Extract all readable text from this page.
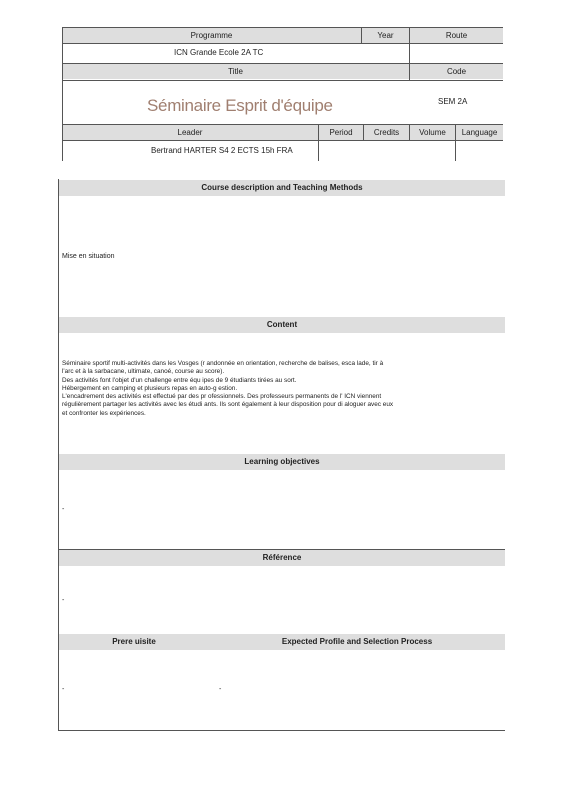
Programme	Year	Route
ICN Grande Ecole 2A TC
Title	Code
Séminaire Esprit d'équipe	SEM 2A
Leader	Period	Credits	Volume	Language
Bertrand HARTER S4 2 ECTS 15h FRA
Course description and Teaching Methods
Mise en situation
Content
Séminaire sportif multi-activités dans les Vosges (r andonnée en orientation, recherche de balises, esca lade, tir à
l'arc et à la sarbacane, ultimate, canoé, course au score).
Des activités font l'objet d'un challenge entre équ ipes de 9 étudiants tirées au sort.
Hébergement en camping et plusieurs repas en auto-g estion.
L'encadrement des activités est effectué par des pr ofessionnels. Des professeurs permanents de l' ICN viennent
régulièrement partager les activités avec les étudi ants. Ils sont également à leur disposition pour di aloguer avec eux
et confronter les expériences.
Learning objectives
-
Référence
-
Prere uisite	Expected Profile and Selection Process
-	-
